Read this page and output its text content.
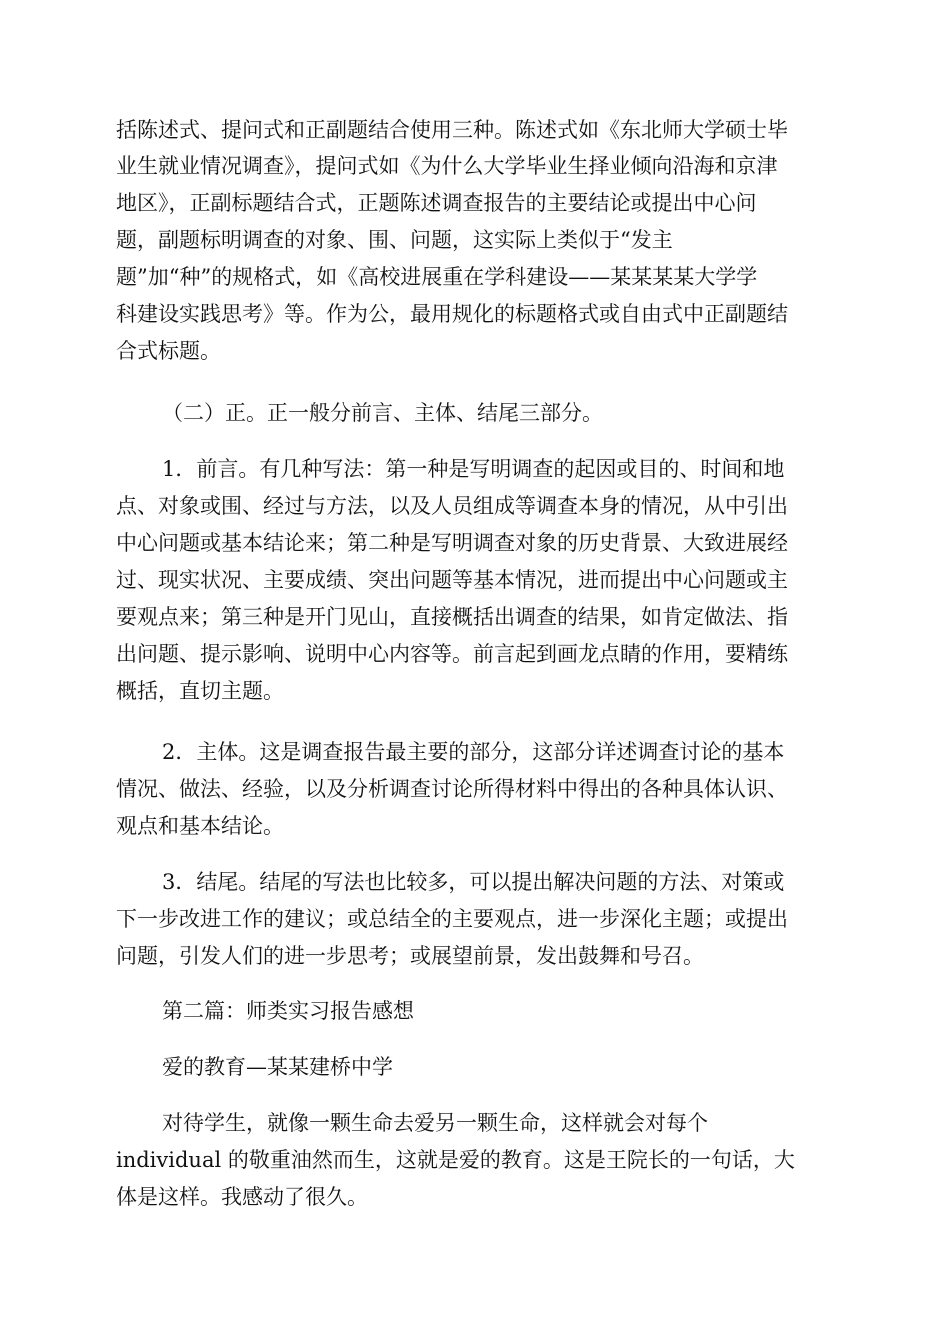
括陈述式、提问式和正副题结合使用三种。陈述式如《东北师大学硕士毕
业生就业情况调查》，提问式如《为什么大学毕业生择业倾向沿海和京津
地区》，正副标题结合式，正题陈述调查报告的主要结论或提出中心问
题，副题标明调查的对象、围、问题，这实际上类似于“发主
题”加“种”的规格式，如《高校进展重在学科建设——某某某某大学学
科建设实践思考》等。作为公，最用规化的标题格式或自由式中正副题结
合式标题。
（二）正。正一般分前言、主体、结尾三部分。
1．前言。有几种写法：第一种是写明调查的起因或目的、时间和地
点、对象或围、经过与方法，以及人员组成等调查本身的情况，从中引出
中心问题或基本结论来；第二种是写明调查对象的历史背景、大致进展经
过、现实状况、主要成绩、突出问题等基本情况，进而提出中心问题或主
要观点来；第三种是开门见山，直接概括出调查的结果，如肯定做法、指
出问题、提示影响、说明中心内容等。前言起到画龙点睛的作用，要精练
概括，直切主题。
2．主体。这是调查报告最主要的部分，这部分详述调查讨论的基本
情况、做法、经验，以及分析调查讨论所得材料中得出的各种具体认识、
观点和基本结论。
3．结尾。结尾的写法也比较多，可以提出解决问题的方法、对策或
下一步改进工作的建议；或总结全的主要观点，进一步深化主题；或提出
问题，引发人们的进一步思考；或展望前景，发出鼓舞和号召。
第二篇：师类实习报告感想
爱的教育—某某建桥中学
对待学生，就像一颗生命去爱另一颗生命，这样就会对每个
individual 的敬重油然而生，这就是爱的教育。这是王院长的一句话，大
体是这样。我感动了很久。
